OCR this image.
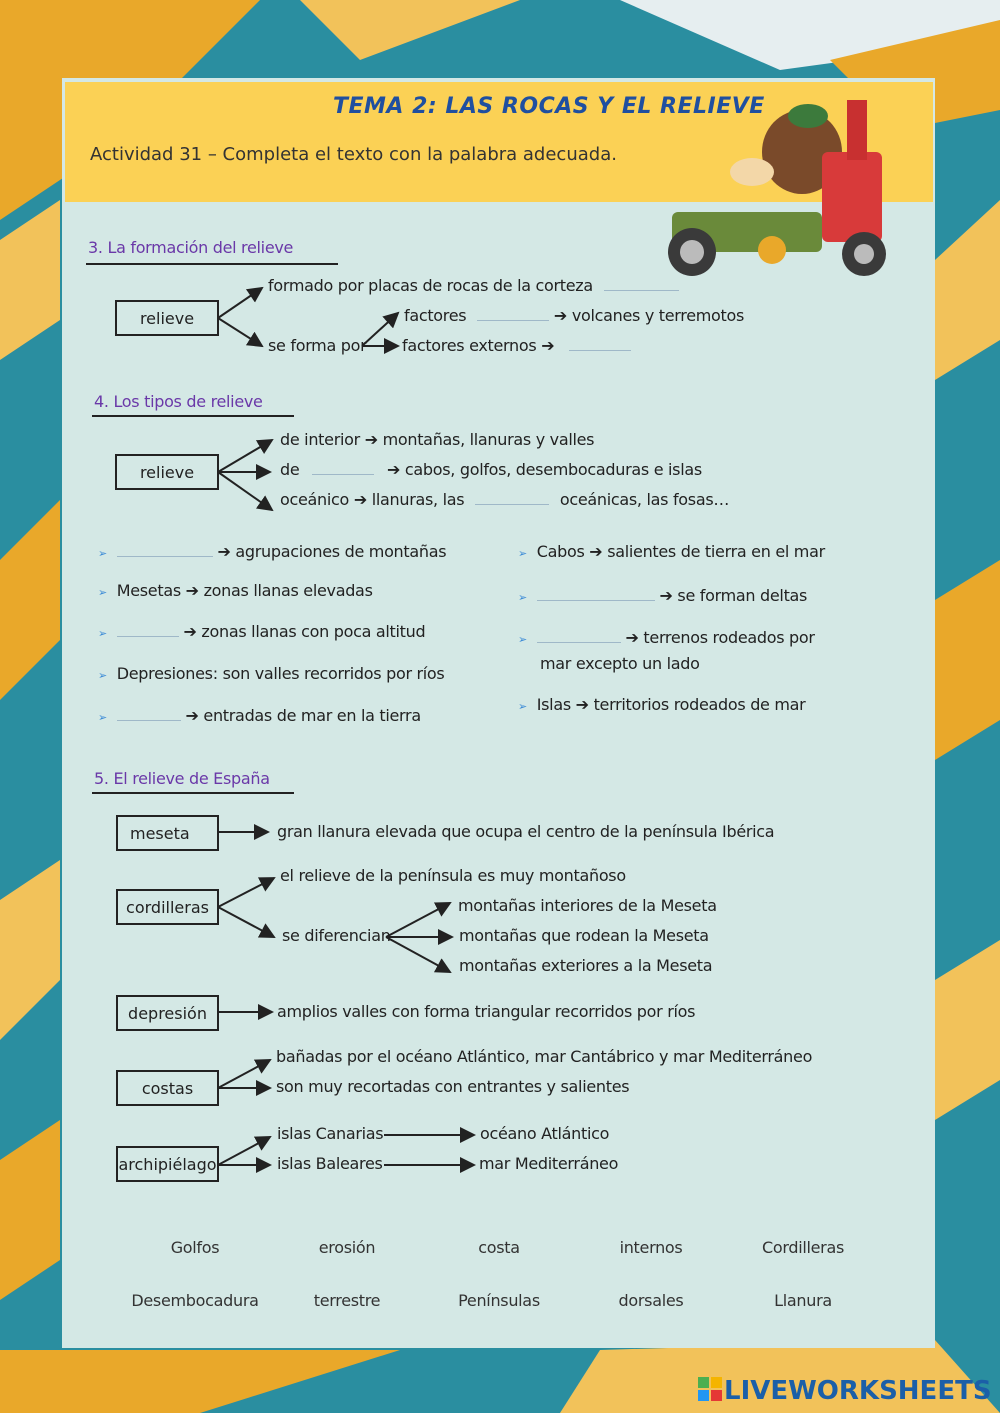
TEMA 2: LAS ROCAS Y EL RELIEVE
Actividad 31 – Completa el texto con la palabra adecuada.
3. La formación del relieve
relieve
formado por placas de rocas de la corteza
se forma por
factores	➔ volcanes y terremotos
factores externos ➔
4. Los tipos de relieve
relieve
de interior ➔ montañas, llanuras y valles
de	➔ cabos, golfos, desembocaduras e islas
oceánico ➔ llanuras, las	oceánicas, las fosas…
➢	➔ agrupaciones de montañas
➢ Mesetas ➔ zonas llanas elevadas
➢	➔ zonas llanas con poca altitud
➢ Depresiones: son valles recorridos por ríos
➢	➔ entradas de mar en la tierra
➢ Cabos ➔ salientes de tierra en el mar
➢	➔ se forman deltas
➢	➔ terrenos rodeados por
mar excepto un lado
➢ Islas ➔ territorios rodeados de mar
5. El relieve de España
meseta	gran llanura elevada que ocupa el centro de la península Ibérica
cordilleras
el relieve de la península es muy montañoso
se diferencian
montañas interiores de la Meseta
montañas que rodean la Meseta
montañas exteriores a la Meseta
depresión	amplios valles con forma triangular recorridos por ríos
costas
bañadas por el océano Atlántico, mar Cantábrico y mar Mediterráneo
son muy recortadas con entrantes y salientes
archipiélago
islas Canarias	océano Atlántico
islas Baleares	mar Mediterráneo
Golfos	erosión	costa	internos	Cordilleras
Desembocadura	terrestre	Penínsulas	dorsales	Llanura
LIVEWORKSHEETS
